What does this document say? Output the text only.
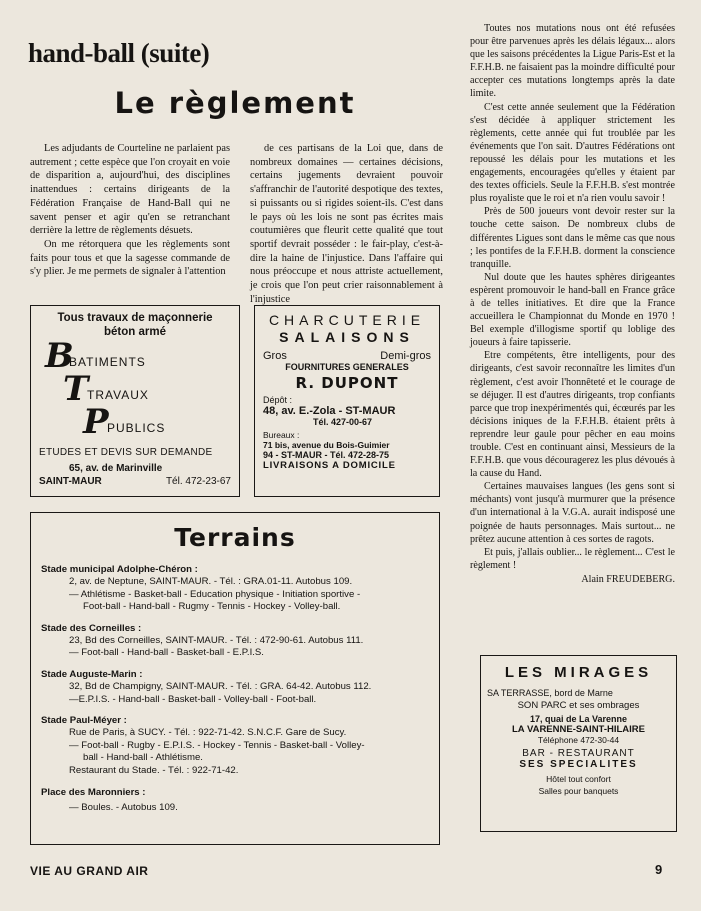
hand-ball (suite)
Le règlement

Les adjudants de Courteline ne parlaient pas autrement ; cette espèce que l'on croyait en voie de disparition a, aujourd'hui, des disciplines inattendues : certains dirigeants de la Fédération Française de Hand-Ball qui ne savent penser et agir qu'en se retranchant derrière la lettre de règlements désuets.

On me rétorquera que les règlements sont faits pour tous et que la sagesse commande de s'y plier. Je me permets de signaler à l'attention

de ces partisans de la Loi que, dans de nombreux domaines — certaines décisions, certains jugements devraient pouvoir s'affranchir de l'autorité despotique des textes, si puissants ou si rigides soient-ils. C'est dans le pays où les lois ne sont pas écrites mais coutumières que fleurit cette qualité que tout sportif devrait posséder : le fair-play, c'est-à-dire la haine de l'injustice. Dans l'affaire qui nous préoccupe et nous attriste actuellement, je crois que l'on peut crier raisonnablement à l'injustice

Toutes nos mutations nous ont été refusées pour être parvenues après les délais légaux... alors que les saisons précédentes la Ligue Paris-Est et la F.F.H.B. ne faisaient pas la moindre difficulté pour accepter ces mutations longtemps après la date limite.

C'est cette année seulement que la Fédération s'est décidée à appliquer strictement les règlements, cette année qui fut troublée par les événements que l'on sait. D'autres Fédérations ont repoussé les délais pour les mutations et les engagements, encouragées qu'elles y étaient par des textes officiels. Seule la F.F.H.B. s'est montrée plus royaliste que le roi et n'a rien voulu savoir !

Près de 500 joueurs vont devoir rester sur la touche cette saison. De nombreux clubs de différentes Ligues sont dans le même cas que nous ; les pontifes de la F.F.H.B. dorment la conscience tranquille.

Nul doute que les hautes sphères dirigeantes espèrent promouvoir le hand-ball en France grâce à de telles initiatives. Et dire que la France accueillera le Championnat du Monde en 1970 ! Bel exemple d'illogisme sportif qu loblige des joueurs à faire tapisserie.

Etre compétents, être intelligents, pour des dirigeants, c'est savoir reconnaître les limites d'un règlement, c'est avoir l'honnêteté et le courage de se déjuger. Il est d'autres dirigeants, trop confiants parce que trop inexpérimentés qui, écœurés par les décisions iniques de la F.F.H.B. étaient prêts à reprendre leur gaule pour pêcher en eau moins trouble. C'est en continuant ainsi, Messieurs de la F.F.H.B. que vous découragerez les plus dévoués à la cause du Hand.

Certaines mauvaises langues (les gens sont si méchants) vont jusqu'à murmurer que la présence d'un international à la V.G.A. aurait indisposé une poignée de hauts personnages. Mais surtout... ne prêtez aucune attention à ces sortes de ragots.

Et puis, j'allais oublier... le règlement... C'est le règlement !

Alain FREUDEBERG.

Tous travaux de maçonnerie
béton armé
B
BATIMENTS
T
TRAVAUX
P
PUBLICS
ETUDES ET DEVIS SUR DEMANDE
65, av. de Marinville
SAINT-MAUR	Tél. 472-23-67
CHARCUTERIE
SALAISONS
Gros	Demi-gros
FOURNITURES GENERALES
R. DUPONT
Dépôt :
48, av. E.-Zola - ST-MAUR
Tél. 427-00-67
Bureaux :
71 bis, avenue du Bois-Guimier
94 - ST-MAUR - Tél. 472-28-75
LIVRAISONS A DOMICILE
Terrains

Stade municipal Adolphe-Chéron :

2, av. de Neptune, SAINT-MAUR. - Tél. : GRA.01-11. Autobus 109.

— Athlétisme - Basket-ball - Education physique - Initiation sportive -

Foot-ball - Hand-ball - Rugmy - Tennis - Hockey - Volley-ball.

Stade des Corneilles :

23, Bd des Corneilles, SAINT-MAUR. - Tél. : 472-90-61. Autobus 111.

— Foot-ball - Hand-ball - Basket-ball - E.P.I.S.

Stade Auguste-Marin :

32, Bd de Champigny, SAINT-MAUR. - Tél. : GRA. 64-42. Autobus 112.

—E.P.I.S. - Hand-ball - Basket-ball - Volley-ball - Foot-ball.

Stade Paul-Méyer :

Rue de Paris, à SUCY. - Tél. : 922-71-42. S.N.C.F. Gare de Sucy.

— Foot-ball - Rugby - E.P.I.S. - Hockey - Tennis - Basket-ball - Volley-

ball - Hand-ball - Athlétisme.

Restaurant du Stade. - Tél. : 922-71-42.

Place des Maronniers :

— Boules. - Autobus 109.

LES MIRAGES
SA TERRASSE, bord de Marne
SON PARC et ses ombrages
17, quai de La Varenne
LA VARENNE-SAINT-HILAIRE
Téléphone 472-30-44
BAR - RESTAURANT
SES SPECIALITES
Hôtel tout confort
Salles pour banquets
VIE AU GRAND AIR	9
